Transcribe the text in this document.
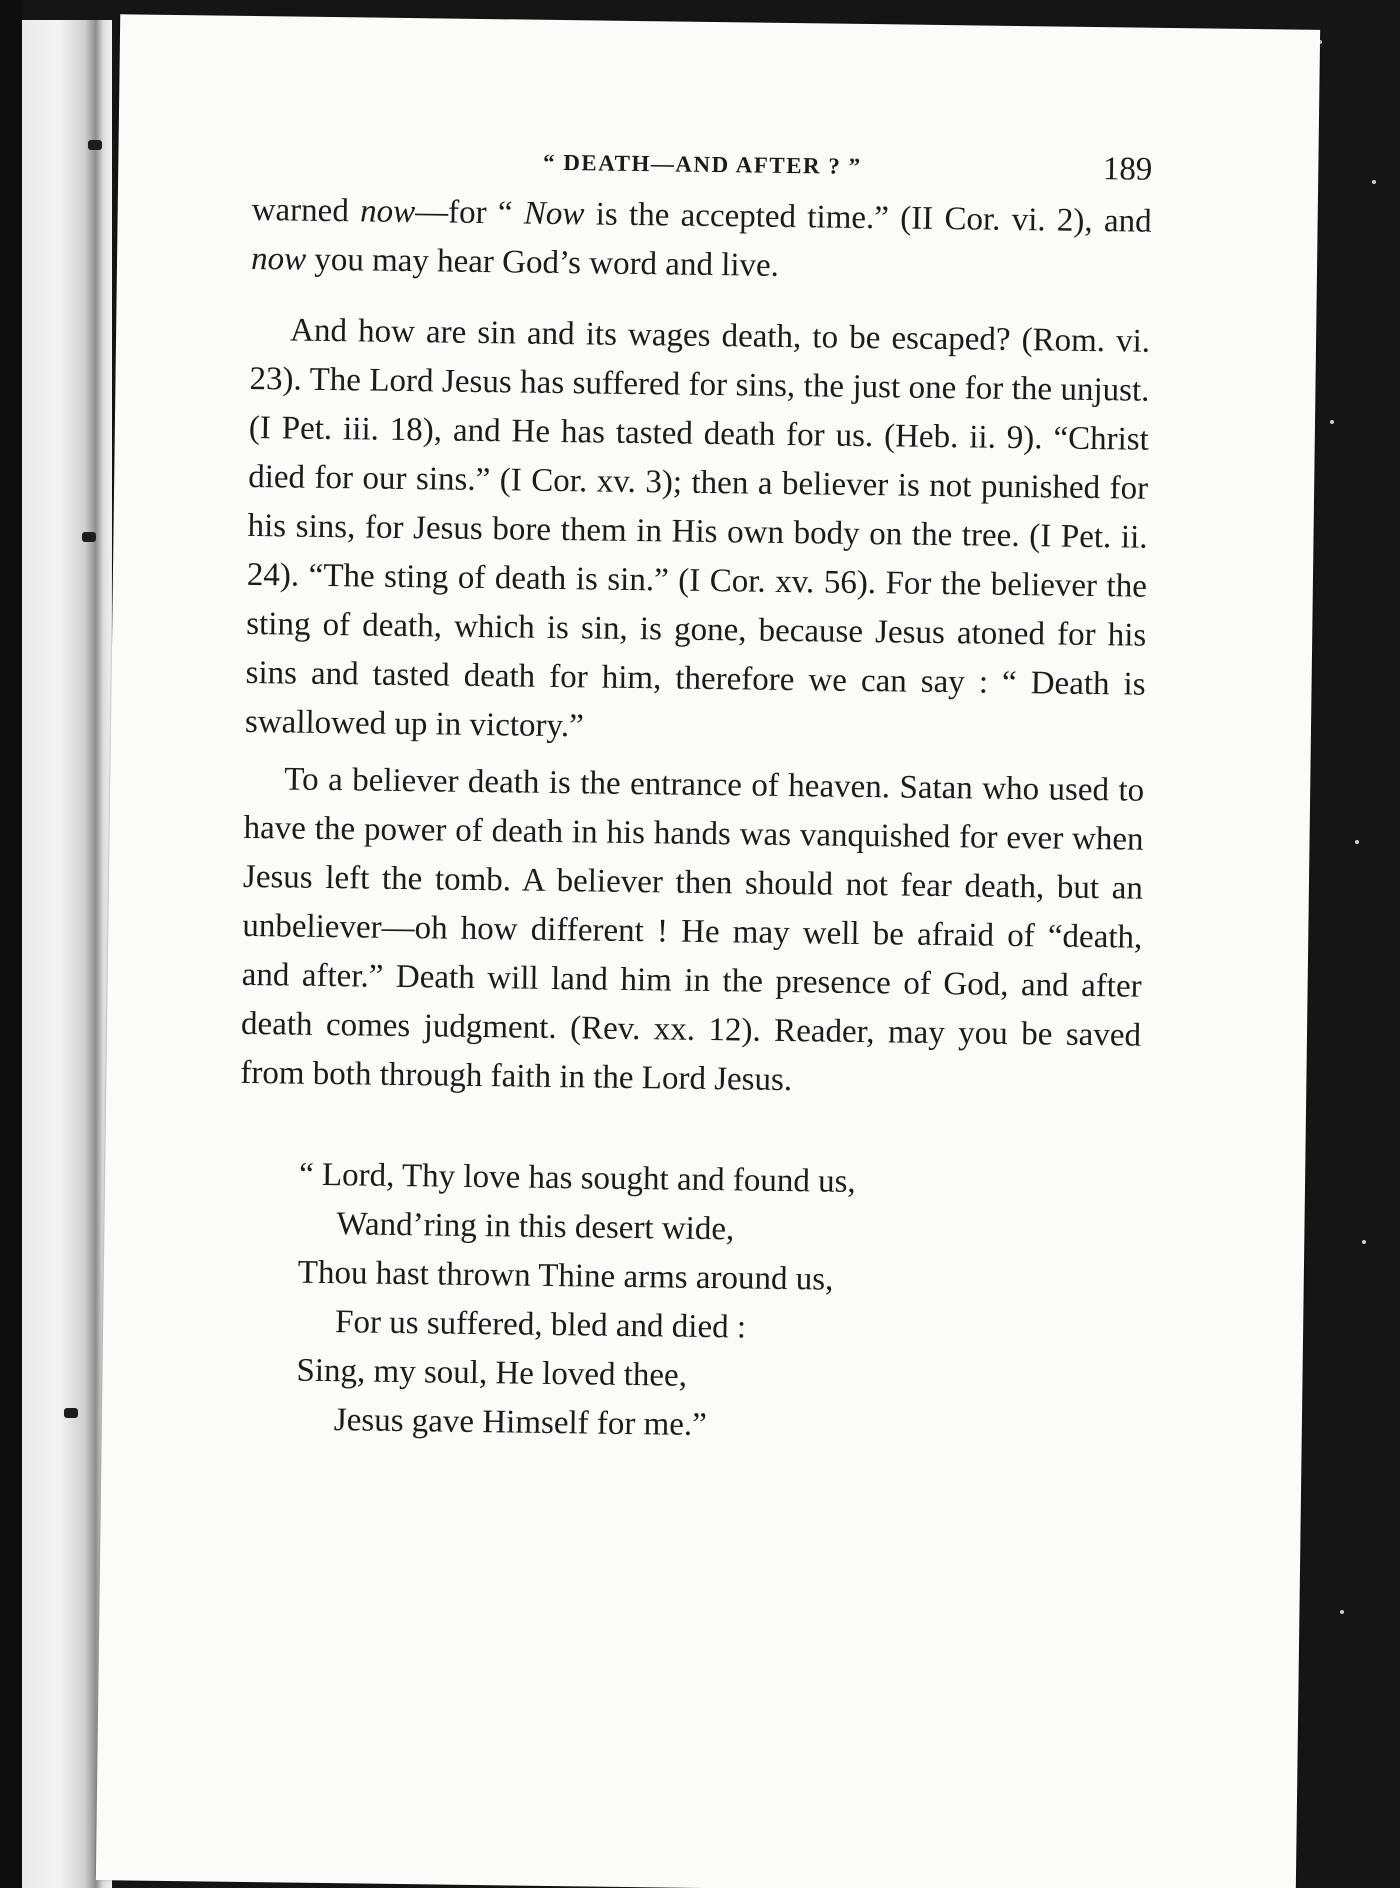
“ DEATH—AND AFTER ? ”	189

warned now—for “ Now is the accepted time.” (II Cor. vi. 2), and now you may hear God’s word and live.

And how are sin and its wages death, to be escaped? (Rom. vi. 23). The Lord Jesus has suffered for sins, the just one for the unjust. (I Pet. iii. 18), and He has tasted death for us. (Heb. ii. 9). “Christ died for our sins.” (I Cor. xv. 3); then a believer is not punished for his sins, for Jesus bore them in His own body on the tree. (I Pet. ii. 24). “The sting of death is sin.” (I Cor. xv. 56). For the believer the sting of death, which is sin, is gone, because Jesus atoned for his sins and tasted death for him, therefore we can say : “ Death is swallowed up in victory.”

To a believer death is the entrance of heaven. Satan who used to have the power of death in his hands was vanquished for ever when Jesus left the tomb. A believer then should not fear death, but an unbeliever—oh how different ! He may well be afraid of “death, and after.” Death will land him in the presence of God, and after death comes judgment. (Rev. xx. 12). Reader, may you be saved from both through faith in the Lord Jesus.

“ Lord, Thy love has sought and found us,
Wand’ring in this desert wide,
Thou hast thrown Thine arms around us,
For us suffered, bled and died :
Sing, my soul, He loved thee,
Jesus gave Himself for me.”
